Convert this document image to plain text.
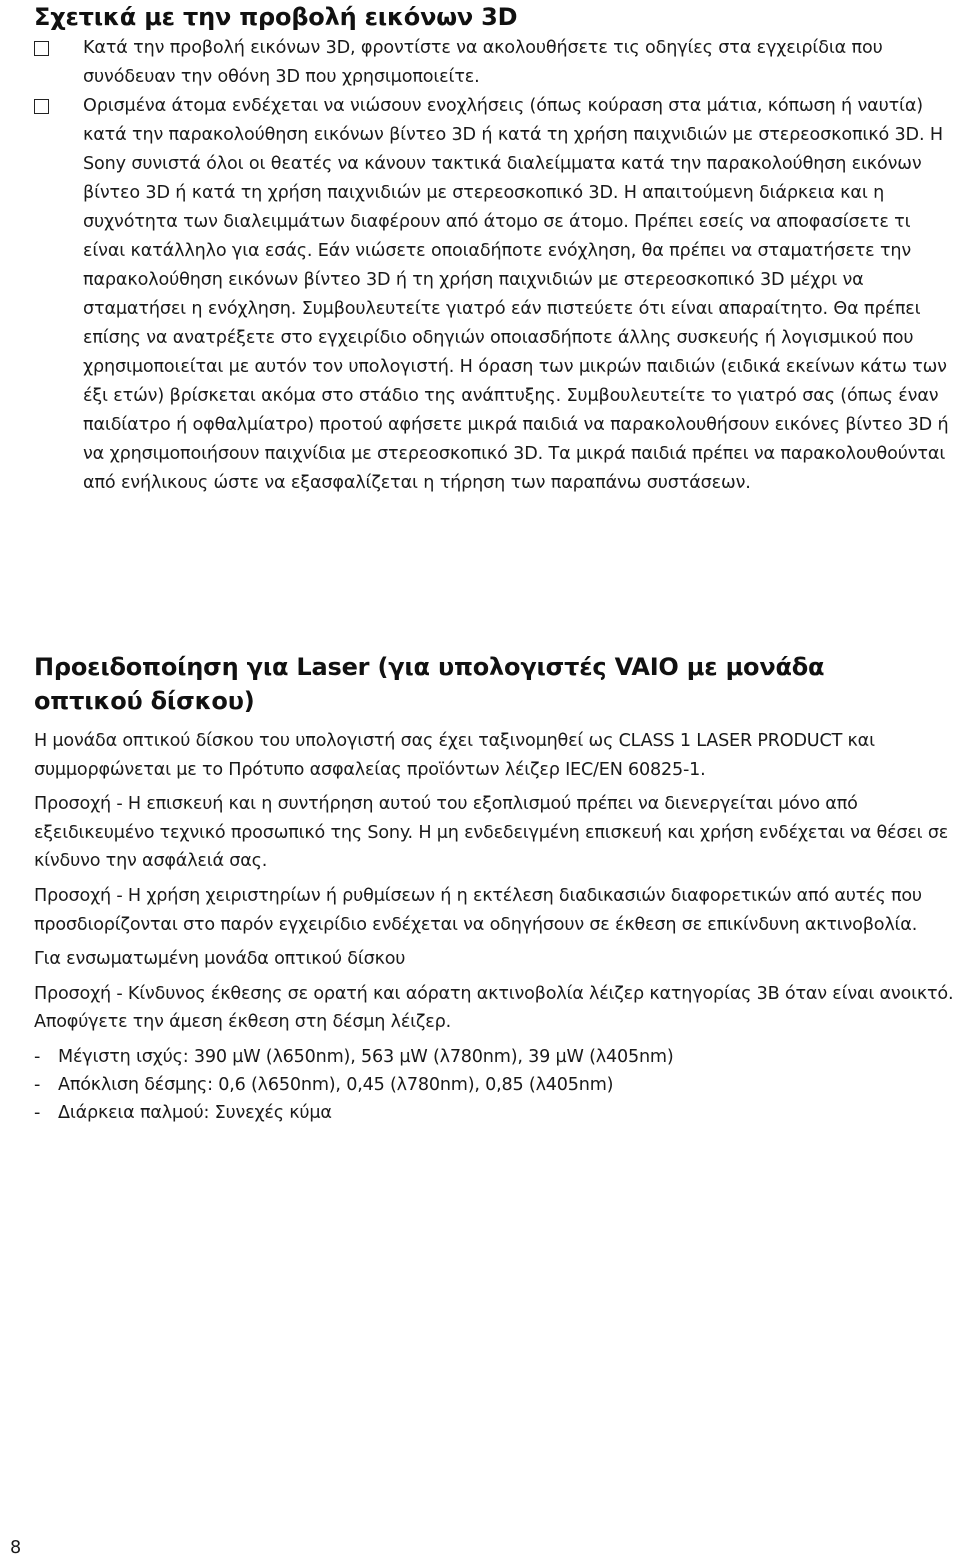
Σχετικά με την προβολή εικόνων 3D

Κατά την προβολή εικόνων 3D, φροντίστε να ακολουθήσετε τις οδηγίες στα εγχειρίδια που συνόδευαν την οθόνη 3D που χρησιμοποιείτε.

Ορισμένα άτομα ενδέχεται να νιώσουν ενοχλήσεις (όπως κούραση στα μάτια, κόπωση ή ναυτία) κατά την παρακολούθηση εικόνων βίντεο 3D ή κατά τη χρήση παιχνιδιών με στερεοσκοπικό 3D. Η Sony συνιστά όλοι οι θεατές να κάνουν τακτικά διαλείμματα κατά την παρακολούθηση εικόνων βίντεο 3D ή κατά τη χρήση παιχνιδιών με στερεοσκοπικό 3D. Η απαιτούμενη διάρκεια και η συχνότητα των διαλειμμάτων διαφέρουν από άτομο σε άτομο. Πρέπει εσείς να αποφασίσετε τι είναι κατάλληλο για εσάς. Εάν νιώσετε οποιαδήποτε ενόχληση, θα πρέπει να σταματήσετε την παρακολούθηση εικόνων βίντεο 3D ή τη χρήση παιχνιδιών με στερεοσκοπικό 3D μέχρι να σταματήσει η ενόχληση. Συμβουλευτείτε γιατρό εάν πιστεύετε ότι είναι απαραίτητο. Θα πρέπει επίσης να ανατρέξετε στο εγχειρίδιο οδηγιών οποιασδήποτε άλλης συσκευής ή λογισμικού που χρησιμοποιείται με αυτόν τον υπολογιστή. Η όραση των μικρών παιδιών (ειδικά εκείνων κάτω των έξι ετών) βρίσκεται ακόμα στο στάδιο της ανάπτυξης. Συμβουλευτείτε το γιατρό σας (όπως έναν παιδίατρο ή οφθαλμίατρο) προτού αφήσετε μικρά παιδιά να παρακολουθήσουν εικόνες βίντεο 3D ή να χρησιμοποιήσουν παιχνίδια με στερεοσκοπικό 3D. Τα μικρά παιδιά πρέπει να παρακολουθούνται από ενήλικους ώστε να εξασφαλίζεται η τήρηση των παραπάνω συστάσεων.

Προειδοποίηση για Laser (για υπολογιστές VAIO με μονάδα οπτικού δίσκου)

Η μονάδα οπτικού δίσκου του υπολογιστή σας έχει ταξινομηθεί ως CLASS 1 LASER PRODUCT και συμμορφώνεται με το Πρότυπο ασφαλείας προϊόντων λέιζερ IEC/EN 60825-1.

Προσοχή - Η επισκευή και η συντήρηση αυτού του εξοπλισμού πρέπει να διενεργείται μόνο από εξειδικευμένο τεχνικό προσωπικό της Sony. Η μη ενδεδειγμένη επισκευή και χρήση ενδέχεται να θέσει σε κίνδυνο την ασφάλειά σας.

Προσοχή - Η χρήση χειριστηρίων ή ρυθμίσεων ή η εκτέλεση διαδικασιών διαφορετικών από αυτές που προσδιορίζονται στο παρόν εγχειρίδιο ενδέχεται να οδηγήσουν σε έκθεση σε επικίνδυνη ακτινοβολία.

Για ενσωματωμένη μονάδα οπτικού δίσκου

Προσοχή - Κίνδυνος έκθεσης σε ορατή και αόρατη ακτινοβολία λέιζερ κατηγορίας 3B όταν είναι ανοικτό. Αποφύγετε την άμεση έκθεση στη δέσμη λέιζερ.

-	Μέγιστη ισχύς: 390 µW (λ650nm), 563 µW (λ780nm), 39 µW (λ405nm)
-	Απόκλιση δέσμης: 0,6 (λ650nm), 0,45 (λ780nm), 0,85 (λ405nm)
-	Διάρκεια παλμού: Συνεχές κύμα
8
